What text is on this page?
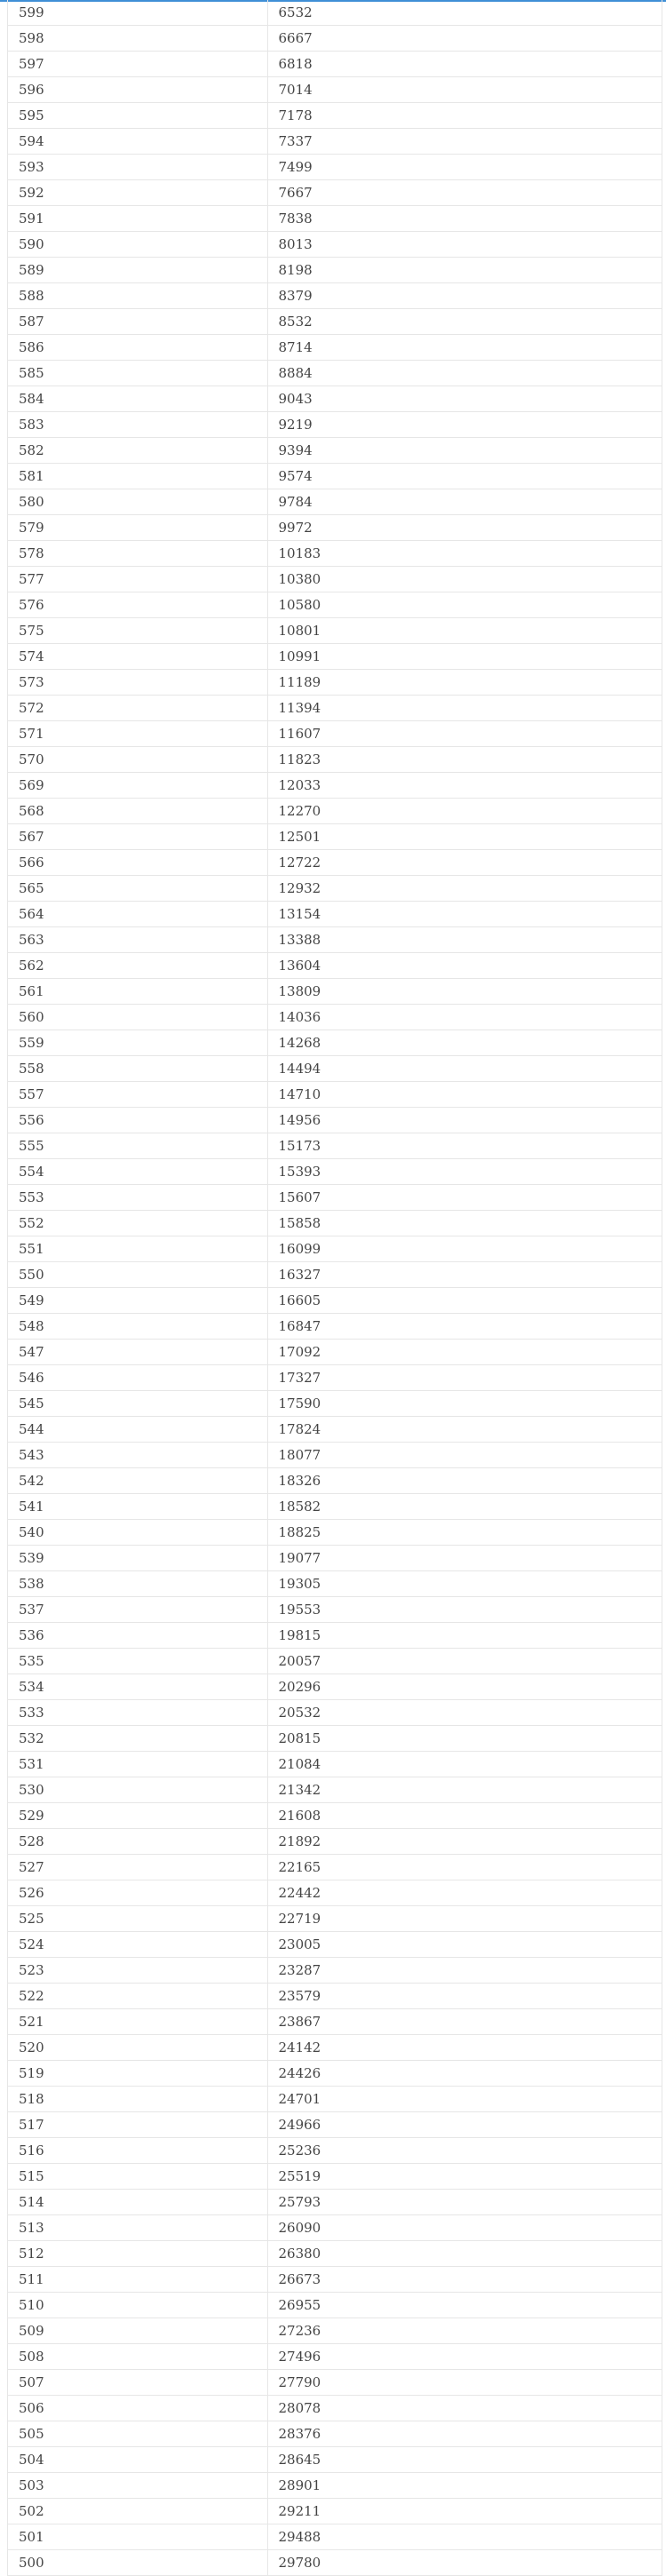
599	6532
598	6667
597	6818
596	7014
595	7178
594	7337
593	7499
592	7667
591	7838
590	8013
589	8198
588	8379
587	8532
586	8714
585	8884
584	9043
583	9219
582	9394
581	9574
580	9784
579	9972
578	10183
577	10380
576	10580
575	10801
574	10991
573	11189
572	11394
571	11607
570	11823
569	12033
568	12270
567	12501
566	12722
565	12932
564	13154
563	13388
562	13604
561	13809
560	14036
559	14268
558	14494
557	14710
556	14956
555	15173
554	15393
553	15607
552	15858
551	16099
550	16327
549	16605
548	16847
547	17092
546	17327
545	17590
544	17824
543	18077
542	18326
541	18582
540	18825
539	19077
538	19305
537	19553
536	19815
535	20057
534	20296
533	20532
532	20815
531	21084
530	21342
529	21608
528	21892
527	22165
526	22442
525	22719
524	23005
523	23287
522	23579
521	23867
520	24142
519	24426
518	24701
517	24966
516	25236
515	25519
514	25793
513	26090
512	26380
511	26673
510	26955
509	27236
508	27496
507	27790
506	28078
505	28376
504	28645
503	28901
502	29211
501	29488
500	29780
